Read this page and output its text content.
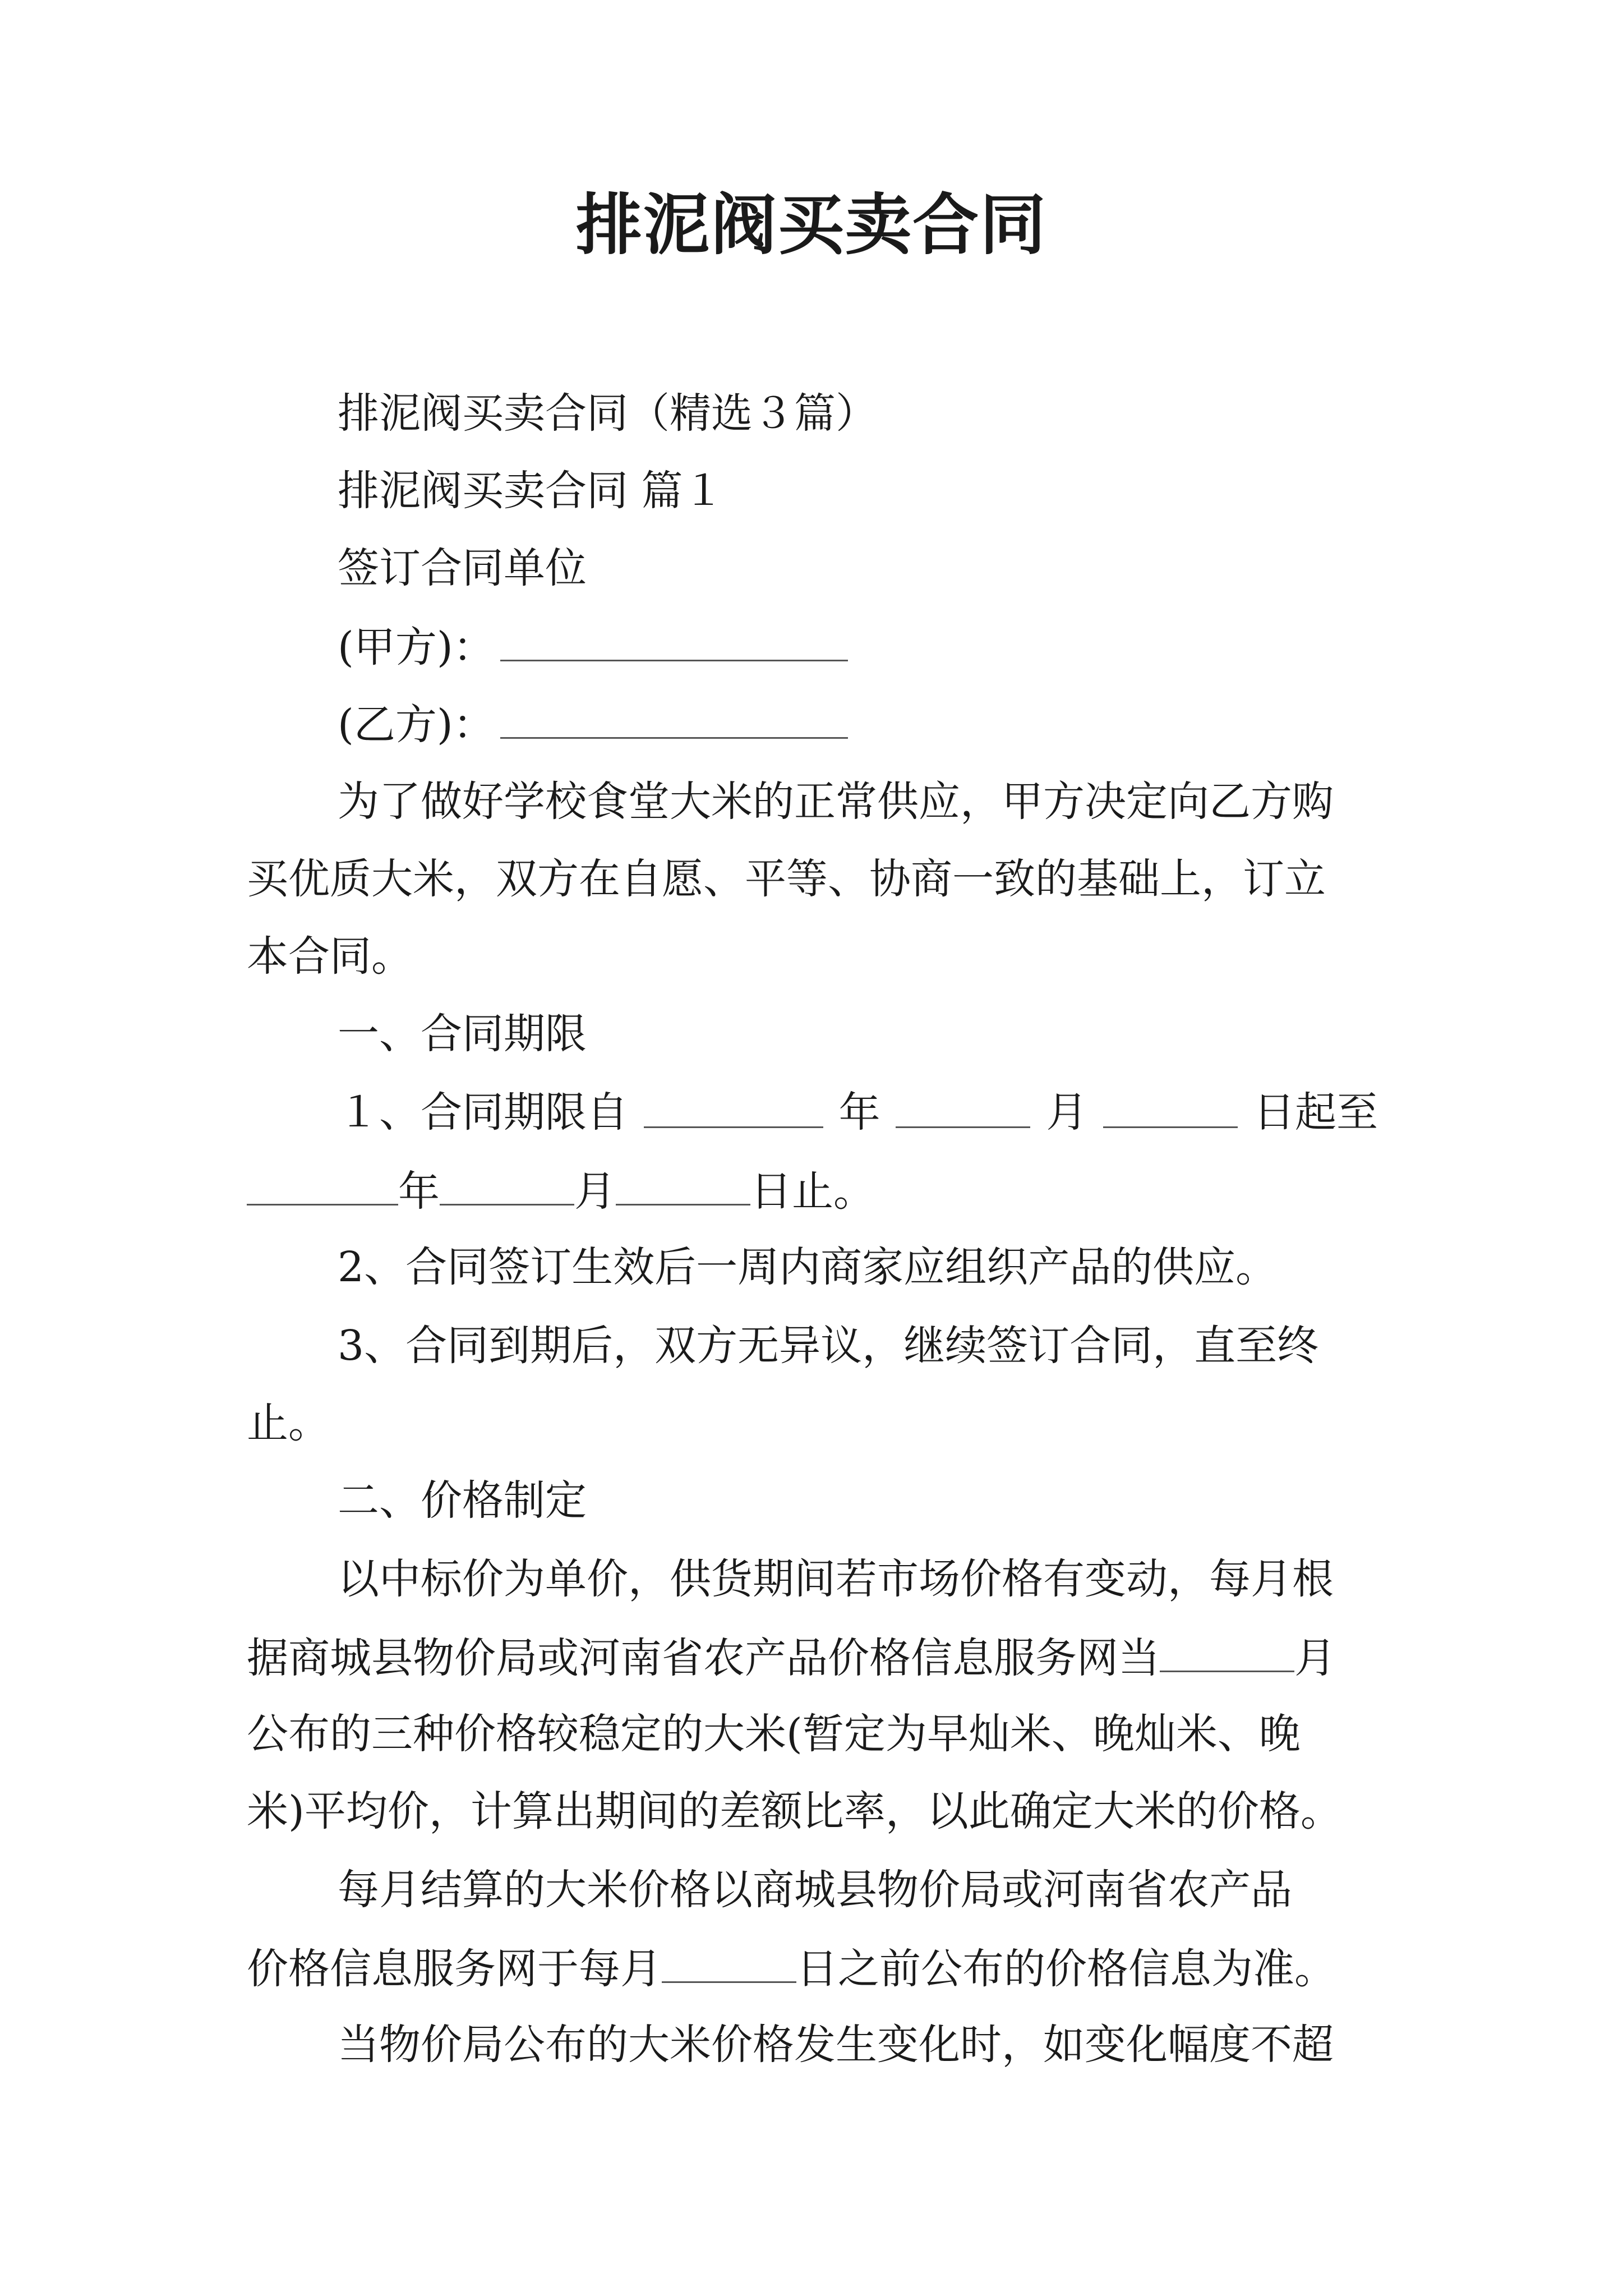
排泥阀买卖合同
排泥阀买卖合同（精选３篇）
排泥阀买卖合同 篇１
签订合同单位
(甲方)：
(乙方)：
为了做好学校食堂大米的正常供应，甲方决定向乙方购
买优质大米，双方在自愿、平等、协商一致的基础上，订立
本合同。
一、合同期限
１、合同期限自	年	月	日起至
年	月	日止。
2、合同签订生效后一周内商家应组织产品的供应。
3、合同到期后，双方无异议，继续签订合同，直至终
止。
二、价格制定
以中标价为单价，供货期间若市场价格有变动，每月根
据商城县物价局或河南省农产品价格信息服务网当	月
公布的三种价格较稳定的大米(暂定为早灿米、晚灿米、晚
米)平均价，计算出期间的差额比率，以此确定大米的价格。
每月结算的大米价格以商城县物价局或河南省农产品
价格信息服务网于每月	日之前公布的价格信息为准。
当物价局公布的大米价格发生变化时，如变化幅度不超
